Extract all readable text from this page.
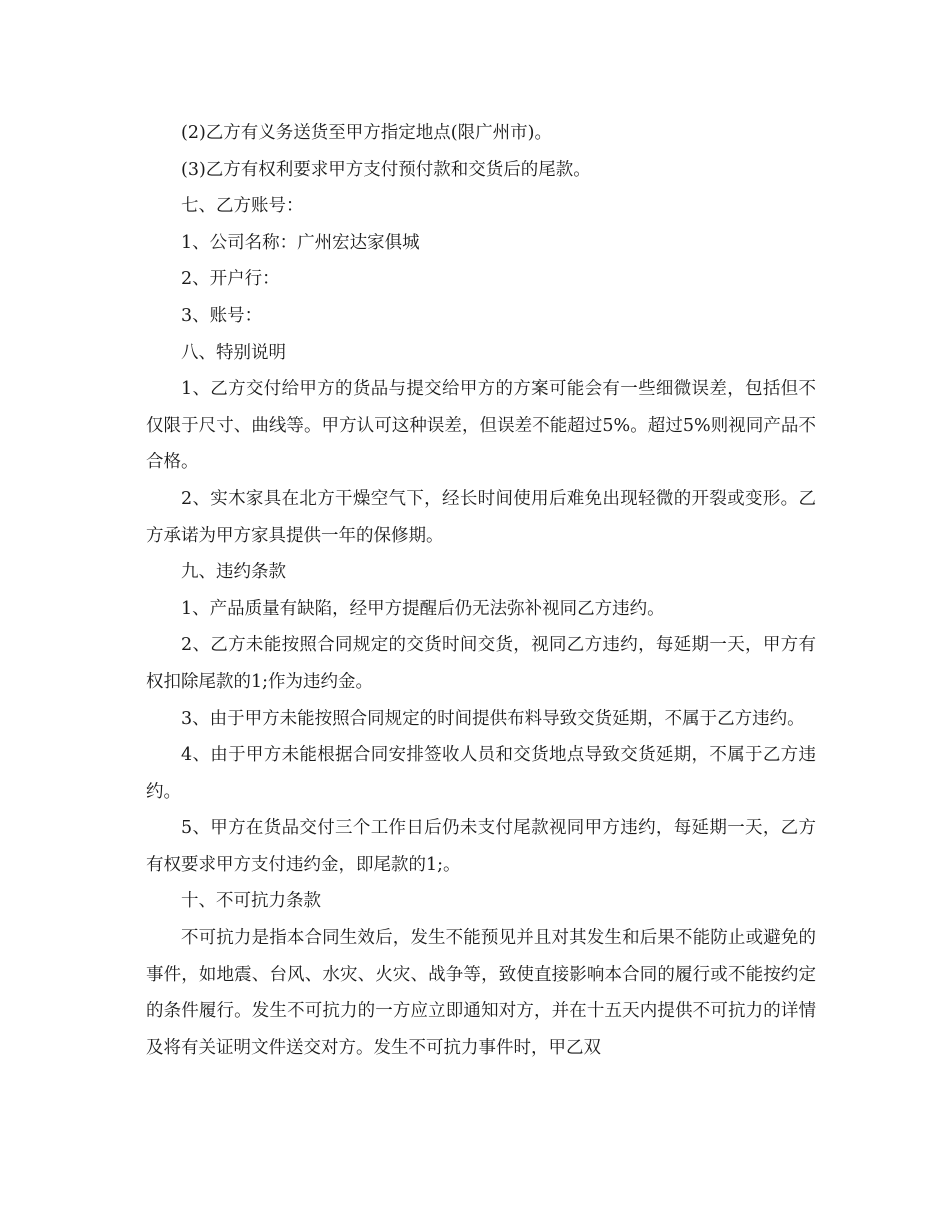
(2)乙方有义务送货至甲方指定地点(限广州市)。

(3)乙方有权利要求甲方支付预付款和交货后的尾款。

七、乙方账号：

1、公司名称：广州宏达家俱城

2、开户行：

3、账号：

八、特别说明

1、乙方交付给甲方的货品与提交给甲方的方案可能会有一些细微误差，包括但不仅限于尺寸、曲线等。甲方认可这种误差，但误差不能超过5%。超过5%则视同产品不合格。

2、实木家具在北方干燥空气下，经长时间使用后难免出现轻微的开裂或变形。乙方承诺为甲方家具提供一年的保修期。

九、违约条款

1、产品质量有缺陷，经甲方提醒后仍无法弥补视同乙方违约。

2、乙方未能按照合同规定的交货时间交货，视同乙方违约，每延期一天，甲方有权扣除尾款的1;作为违约金。

3、由于甲方未能按照合同规定的时间提供布料导致交货延期，不属于乙方违约。

4、由于甲方未能根据合同安排签收人员和交货地点导致交货延期，不属于乙方违约。

5、甲方在货品交付三个工作日后仍未支付尾款视同甲方违约，每延期一天，乙方有权要求甲方支付违约金，即尾款的1;。

十、不可抗力条款

不可抗力是指本合同生效后，发生不能预见并且对其发生和后果不能防止或避免的事件，如地震、台风、水灾、火灾、战争等，致使直接影响本合同的履行或不能按约定的条件履行。发生不可抗力的一方应立即通知对方，并在十五天内提供不可抗力的详情及将有关证明文件送交对方。发生不可抗力事件时，甲乙双
